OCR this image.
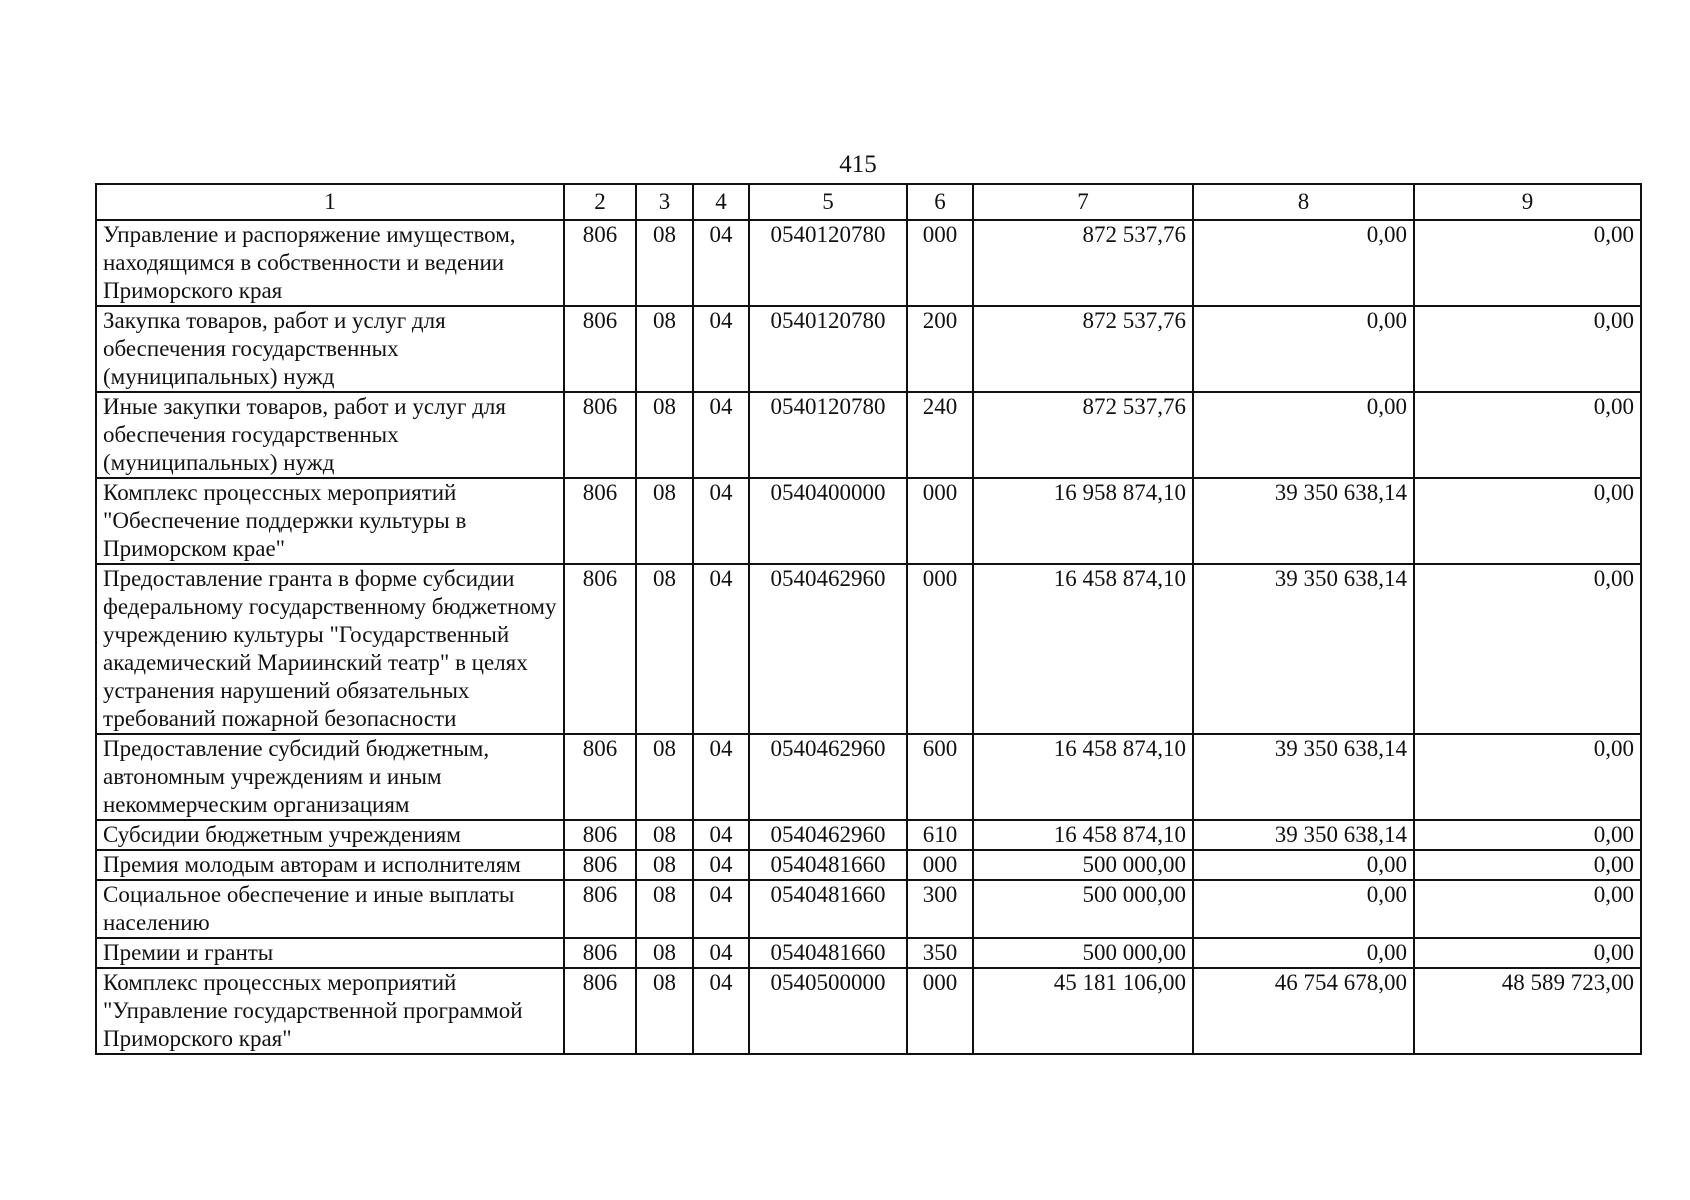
415
1	2	3	4	5	6	7	8	9
Управление и распоряжение имуществом, находящимся в собственности и ведении Приморского края	806	08	04	0540120780	000	872 537,76	0,00	0,00
Закупка товаров, работ и услуг для обеспечения государственных (муниципальных) нужд	806	08	04	0540120780	200	872 537,76	0,00	0,00
Иные закупки товаров, работ и услуг для обеспечения государственных (муниципальных) нужд	806	08	04	0540120780	240	872 537,76	0,00	0,00
Комплекс процессных мероприятий "Обеспечение поддержки культуры в Приморском крае"	806	08	04	0540400000	000	16 958 874,10	39 350 638,14	0,00
Предоставление гранта в форме субсидии федеральному государственному бюджетному учреждению культуры "Государственный академический Мариинский театр" в целях устранения нарушений обязательных требований пожарной безопасности	806	08	04	0540462960	000	16 458 874,10	39 350 638,14	0,00
Предоставление субсидий бюджетным, автономным учреждениям и иным некоммерческим организациям	806	08	04	0540462960	600	16 458 874,10	39 350 638,14	0,00
Субсидии бюджетным учреждениям	806	08	04	0540462960	610	16 458 874,10	39 350 638,14	0,00
Премия молодым авторам и исполнителям	806	08	04	0540481660	000	500 000,00	0,00	0,00
Социальное обеспечение и иные выплаты населению	806	08	04	0540481660	300	500 000,00	0,00	0,00
Премии и гранты	806	08	04	0540481660	350	500 000,00	0,00	0,00
Комплекс процессных мероприятий "Управление государственной программой Приморского края"	806	08	04	0540500000	000	45 181 106,00	46 754 678,00	48 589 723,00
